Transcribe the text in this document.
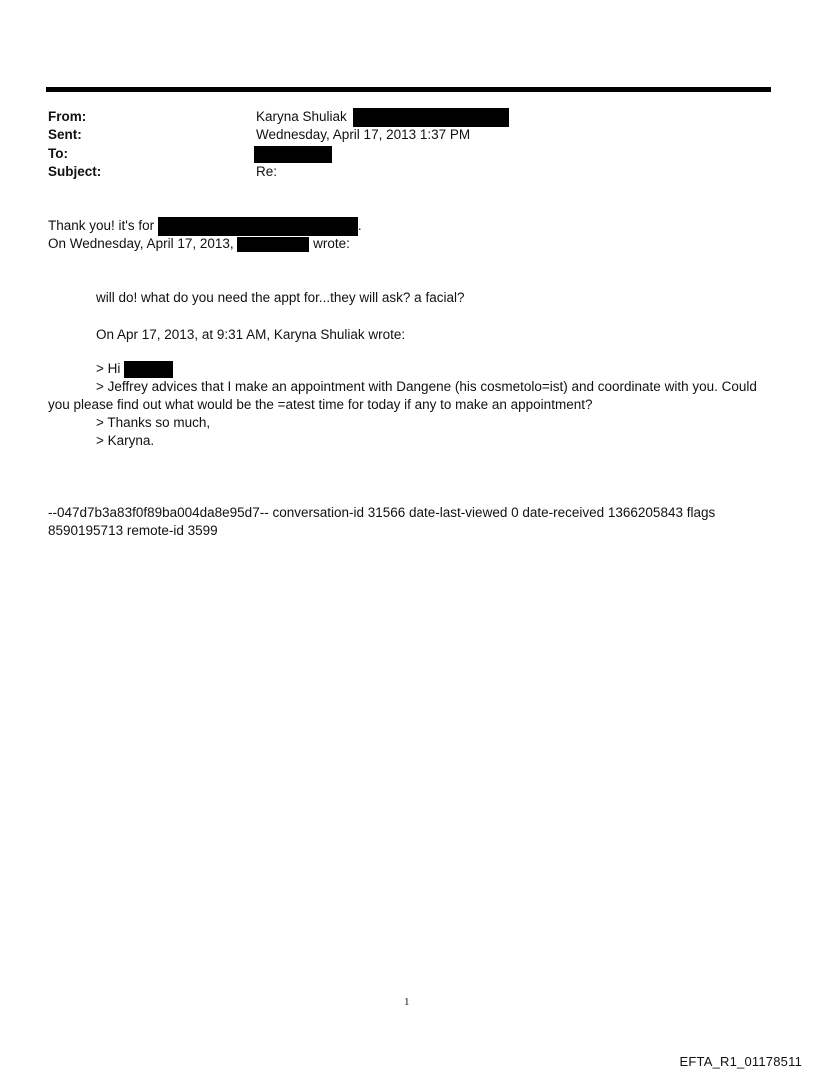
From:	Karyna Shuliak
Sent:	Wednesday, April 17, 2013 1:37 PM
To:
Subject:	Re:
Thank you! it's for	.
On Wednesday, April 17, 2013,	wrote:
will do! what do you need the appt for...they will ask? a facial?
On Apr 17, 2013, at 9:31 AM, Karyna Shuliak wrote:
> Hi
> Jeffrey advices that I make an appointment with Dangene (his cosmetolo=ist) and coordinate with you. Could
you please find out what would be the =atest time for today if any to make an appointment?
> Thanks so much,
> Karyna.
--047d7b3a83f0f89ba004da8e95d7-- conversation-id 31566 date-last-viewed 0 date-received 1366205843 flags
8590195713 remote-id 3599
1
EFTA_R1_01178511
